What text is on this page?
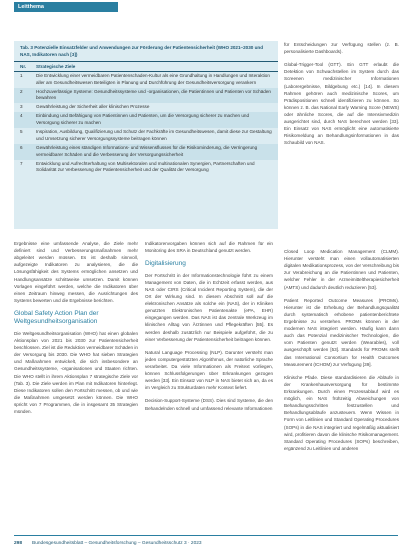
Leitthema
Tab. 3 Potenzielle Einsatzfelder und Anwendungen zur Förderung der Patientensicherheit (WHO 2021–2030 und NAS, Indikatoren nach [3])
Nr.	Strategische Ziele
1	Die Entwicklung einer vermeidbaren Patientenschaden-Kultur als eine Grundhaltung in Handlungen und Interaktion aller am Gesundheitswesen Beteiligten in Planung und Durchführung der Gesundheitsversorgung verankern
2	Hochzuverlässige Systeme: Gesundheitssysteme und -organisationen, die Patientinnen und Patienten vor Schäden bewahren
3	Gewährleistung der Sicherheit aller klinischen Prozesse
4	Einbindung und Befähigung von Patientinnen und Patienten, um die Versorgung sicherer zu machen und Versorgung sicherer zu machen
5	Inspiration, Ausbildung, Qualifizierung und Schutz der Fachkräfte im Gesundheitswesen, damit diese zur Gestaltung und Umsetzung sicherer Versorgungssysteme beitragen können
6	Gewährleistung eines ständigen Informations- und Wissensflusses für die Risikominderung, die Verringerung vermeidbarer Schäden und die Verbesserung der Versorgungssicherheit
7	Entwicklung und Aufrechterhaltung von Multisektoralen und multinationalen Synergien, Partnerschaften und Solidarität zur Verbesserung der Patientensicherheit und der Qualität der Versorgung

für Entscheidungen zur Verfügung stellen (z. B. personalisierte Dashboards).

Global-Trigger-Tool (GTT). Ein GTT erlaubt die Detektion von Schwachstellen im System durch das Screenen medizinischer Informationen (Laborergebnisse, Bildgebung etc.) [14]. In diesem Rahmen gehören auch medizinische Scores, um Prädispositionen schnell identifizieren zu können. So können z. B. das National Early Warning Score (NEWS) oder ähnliche Scores, die auf die Intensivmedizin ausgerichtet sind, durch NAS berechnet werden [33]. Ein Einsatz von NAS ermöglicht eine automatisierte Risikomeldung an Behandlungsinformationen in das Schaubild von NAS.

Ergebnisse eine umfassende Analyse, die Ziele mehr definiert sind und Verbesserungsmaßnahmen mehr abgeleitet werden müssen. Es ist deshalb sinnvoll, aufgezeigte Indikatoren zu analysieren, die die Lösungsfähigkeit des Systems ermöglichen ansetzen und Handlungsansätze schrittweise umsetzen. Damit können Vorlagen eingeführt werden, welche die Indikatoren über einen Zeitraum hinweg messen, die Ausrichtungen des Systems bewerten und die Ergebnisse berichten.

Global Safety Action Plan der Weltgesundheitsorganisation

Die Weltgesundheitsorganisation (WHO) hat einen globalen Aktionsplan von 2021 bis 2030 zur Patientensicherheit beschlossen. Ziel ist die Reduktion vermeidbarer Schäden in der Versorgung bis 2030. Die WHO hat sieben Strategien und Maßnahmen entwickelt, die sich insbesondere an Gesundheitssysteme, -organisationen und Staaten richten. Die WHO stellt in ihrem Aktionsplan 7 strategische Ziele vor (Tab. 3). Die Ziele werden im Plan mit Indikatoren hinterlegt. Diese Indikatoren sollen den Fortschritt messen, ob und wie die Maßnahmen umgesetzt werden können. Die WHO spricht von 7 Programmen, die in insgesamt 35 Strategien münden.

Indikatorenvorgaben können sich auf die Rahmen für ein Monitoring des SRA in Deutschland genutzt werden.

Digitalisierung

Der Fortschritt in der Informationstechnologie führt zu einem Management von Daten, die in Echtzeit erfasst werden, aus NAS oder CIRS (Critical Incident Reporting System), die der Ort der Wirkung sind. In diesem Abschnitt soll auf die elektronischen Ansätze als solche ein (NAS), der in Kliniken genutzten Elektronischen Patientenakte (ePA, EHR) eingegangen werden. Das NAS ist das zentrale Werkzeug im klinischen Alltag von Ärztinnen und Pflegekräften [55]. Es werden deshalb zusätzlich nur Beispiele aufgeführt, die zu einer Verbesserung der Patientensicherheit beitragen können.

Natural Language Processing (NLP). Darunter versteht man jeden computergestützten Algorithmus, der natürliche Sprache verarbeitet. Da viele Informationen als Freitext vorliegen, können Schlussfolgerungen über Erkrankungen gezogen werden [33]. Ein Einsatz von NLP in NAS bietet sich an, da es im Vergleich zu Strukturdaten mehr Kontext liefert.

Decision-Support-Systeme (DSS). Dies sind Systeme, die den Behandelnden schnell und umfassend relevante Informationen

Closed Loop Medication Management (CLMM). Hierunter versteht man einen vollautomatisierten digitalen Medikationsprozess, von der Verschreibung bis zur Verabreichung an die Patientinnen und Patienten, welcher Fehler in der Arzneimitteltherapiesicherheit (AMTS) und dadurch deutlich reduzieren [53].

Patient Reported Outcome Measures (PROMs). Hierunter ist die Erhebung der Behandlungsqualität durch systematisch erhobene patientenberichtete Ergebnisse zu verstehen. PROMs können in der modernen NAS integriert werden. Häufig kann dann auch das Potenzial medizinischer Technologien, die vom Patienten genutzt werden (Wearables), voll ausgeschöpft werden [53]. Standards für PROMs stellt das International Consortium for Health Outcomes Measurement (ICHOM) zur Verfügung [39].

Klinische Pfade. Diese standardisieren die Abläufe in der Krankenhausversorgung für bestimmte Erkrankungen. Durch einen Prozessablauf wird es möglich, ein NAS frühzeitig Abweichungen von Behandlungsschritten festzustellen und Behandlungsabläufe anzusteuern. Wenn Wissen in Form von Leitlinien und Standard Operating Procedures (SOPs) in die NAS integriert und regelmäßig aktualisiert wird, profitieren davon die klinische Risikomanagement. Standard Operating Procedures (SOPs) beschreiben, ergänzend zu Leitlinien und anderen

298 Bundesgesundheitsblatt – Gesundheitsforschung – Gesundheitsschutz 3 · 2023
